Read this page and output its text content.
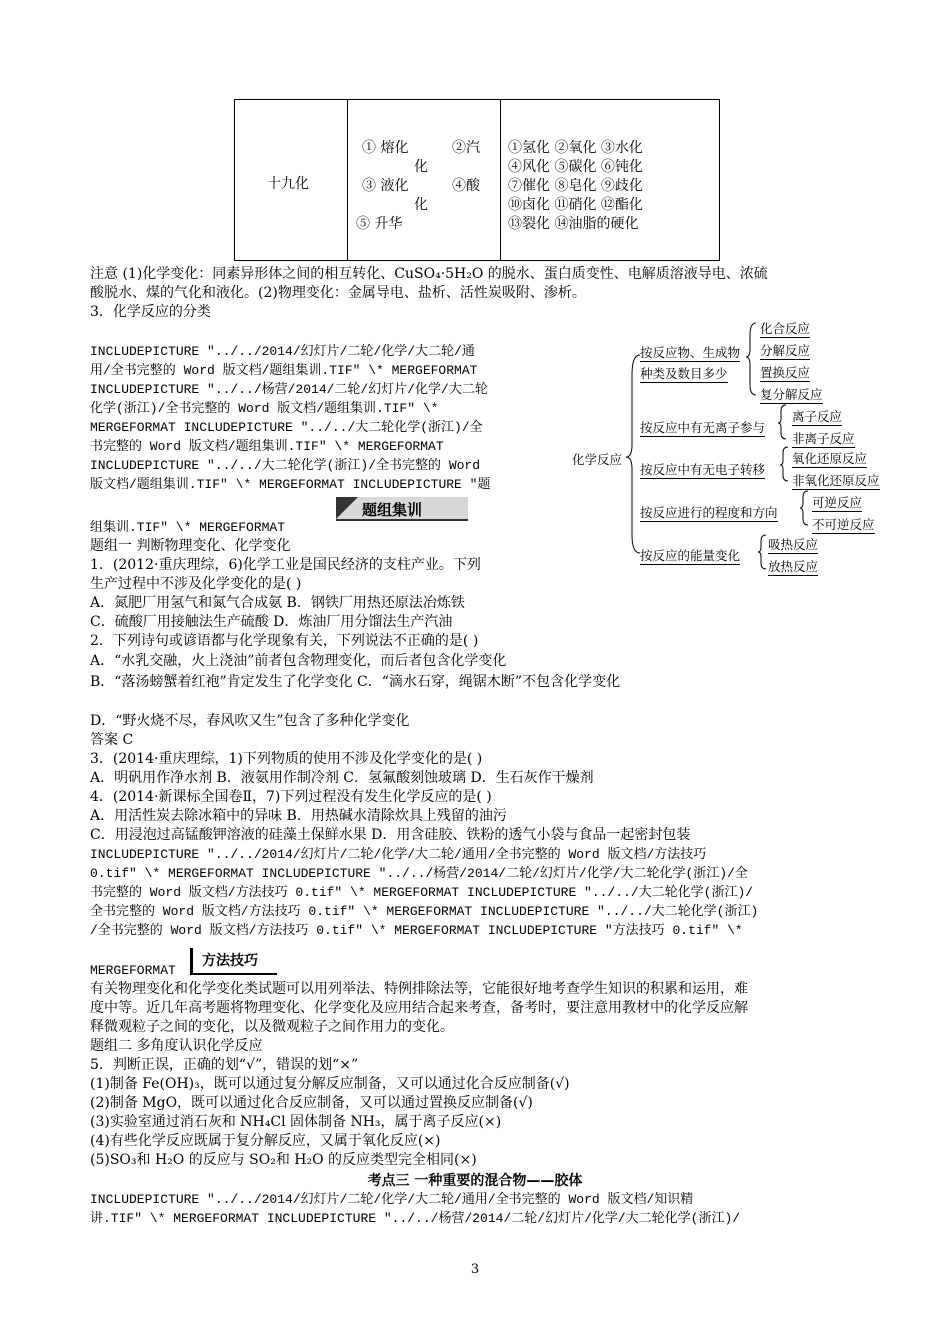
十九化
① 熔化	②汽
化
③ 液化	④酸
化
⑤ 升华
①氢化 ②氧化 ③水化
④风化 ⑤碳化 ⑥钝化
⑦催化 ⑧皂化 ⑨歧化
⑩卤化 ⑪硝化 ⑫酯化
⑬裂化 ⑭油脂的硬化
注意 (1)化学变化：同素异形体之间的相互转化、CuSO₄·5H₂O 的脱水、蛋白质变性、电解质溶液导电、浓硫
酸脱水、煤的气化和液化。(2)物理变化：金属导电、盐析、活性炭吸附、渗析。
3．化学反应的分类
INCLUDEPICTURE "../../2014/幻灯片/二轮/化学/大二轮/通
用/全书完整的 Word 版文档/题组集训.TIF" \* MERGEFORMAT
INCLUDEPICTURE "../../杨营/2014/二轮/幻灯片/化学/大二轮
化学(浙江)/全书完整的 Word 版文档/题组集训.TIF" \*
MERGEFORMAT INCLUDEPICTURE "../../大二轮化学(浙江)/全
书完整的 Word 版文档/题组集训.TIF" \* MERGEFORMAT
INCLUDEPICTURE "../../大二轮化学(浙江)/全书完整的 Word
版文档/题组集训.TIF" \* MERGEFORMAT INCLUDEPICTURE "题
题组集训
组集训.TIF" \* MERGEFORMAT
化学反应
按反应物、生成物
种类及数目多少
化合反应
分解反应
置换反应
复分解反应
按反应中有无离子参与
离子反应
非离子反应
按反应中有无电子转移
氧化还原反应
非氧化还原反应
按反应进行的程度和方向
可逆反应
不可逆反应
按反应的能量变化
吸热反应
放热反应
题组一 判断物理变化、化学变化
1．(2012·重庆理综，6)化学工业是国民经济的支柱产业。下列
生产过程中不涉及化学变化的是( )
A．氮肥厂用氢气和氮气合成氨 B．钢铁厂用热还原法冶炼铁
C．硫酸厂用接触法生产硫酸 D．炼油厂用分馏法生产汽油
2．下列诗句或谚语都与化学现象有关，下列说法不正确的是( )
A．“水乳交融，火上浇油”前者包含物理变化，而后者包含化学变化
B．“落汤螃蟹着红袍”肯定发生了化学变化 C．“滴水石穿，绳锯木断”不包含化学变化
D．“野火烧不尽，春风吹又生”包含了多种化学变化
答案 C
3．(2014·重庆理综，1)下列物质的使用不涉及化学变化的是( )
A．明矾用作净水剂 B．液氨用作制冷剂 C．氢氟酸刻蚀玻璃 D．生石灰作干燥剂
4．(2014·新课标全国卷Ⅱ，7)下列过程没有发生化学反应的是( )
A．用活性炭去除冰箱中的异味 B．用热碱水清除炊具上残留的油污
C．用浸泡过高锰酸钾溶液的硅藻土保鲜水果 D．用含硅胶、铁粉的透气小袋与食品一起密封包装
INCLUDEPICTURE "../../2014/幻灯片/二轮/化学/大二轮/通用/全书完整的 Word 版文档/方法技巧
0.tif" \* MERGEFORMAT INCLUDEPICTURE "../../杨营/2014/二轮/幻灯片/化学/大二轮化学(浙江)/全
书完整的 Word 版文档/方法技巧 0.tif" \* MERGEFORMAT INCLUDEPICTURE "../../大二轮化学(浙江)/
全书完整的 Word 版文档/方法技巧 0.tif" \* MERGEFORMAT INCLUDEPICTURE "../../大二轮化学(浙江)
/全书完整的 Word 版文档/方法技巧 0.tif" \* MERGEFORMAT INCLUDEPICTURE "方法技巧 0.tif" \*
MERGEFORMAT
方法技巧
有关物理变化和化学变化类试题可以用列举法、特例排除法等，它能很好地考查学生知识的积累和运用，难
度中等。近几年高考题将物理变化、化学变化及应用结合起来考查，备考时，要注意用教材中的化学反应解
释微观粒子之间的变化，以及微观粒子之间作用力的变化。
题组二 多角度认识化学反应
5．判断正误，正确的划“√”，错误的划“×”
(1)制备 Fe(OH)₃，既可以通过复分解反应制备，又可以通过化合反应制备(√)
(2)制备 MgO，既可以通过化合反应制备，又可以通过置换反应制备(√)
(3)实验室通过消石灰和 NH₄Cl 固体制备 NH₃，属于离子反应(×)
(4)有些化学反应既属于复分解反应，又属于氧化反应(×)
(5)SO₃和 H₂O 的反应与 SO₂和 H₂O 的反应类型完全相同(×)
考点三 一种重要的混合物——胶体
INCLUDEPICTURE "../../2014/幻灯片/二轮/化学/大二轮/通用/全书完整的 Word 版文档/知识精
讲.TIF" \* MERGEFORMAT INCLUDEPICTURE "../../杨营/2014/二轮/幻灯片/化学/大二轮化学(浙江)/
3
